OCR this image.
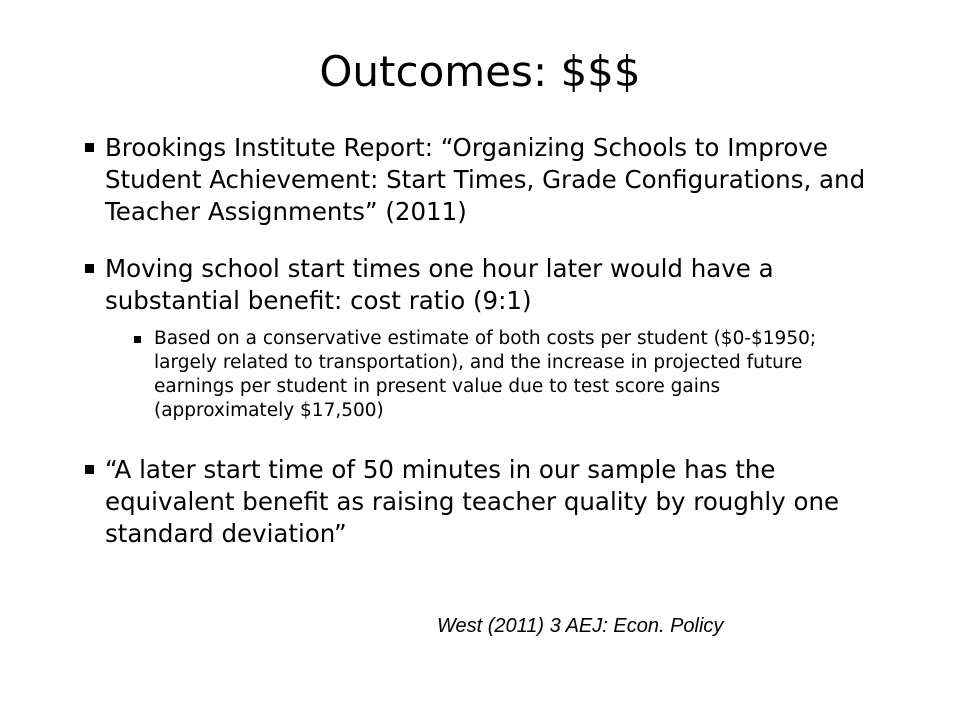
Outcomes: $$$
Brookings Institute Report: “Organizing Schools to Improve Student Achievement: Start Times, Grade Configurations, and Teacher Assignments” (2011)
Moving school start times one hour later would have a substantial benefit: cost ratio (9:1)
Based on a conservative estimate of both costs per student ($0-$1950; largely related to transportation), and the increase in projected future earnings per student in present value due to test score gains (approximately $17,500)
“A later start time of 50 minutes in our sample has the equivalent benefit as raising teacher quality by roughly one standard deviation”
West (2011) 3 AEJ: Econ. Policy
